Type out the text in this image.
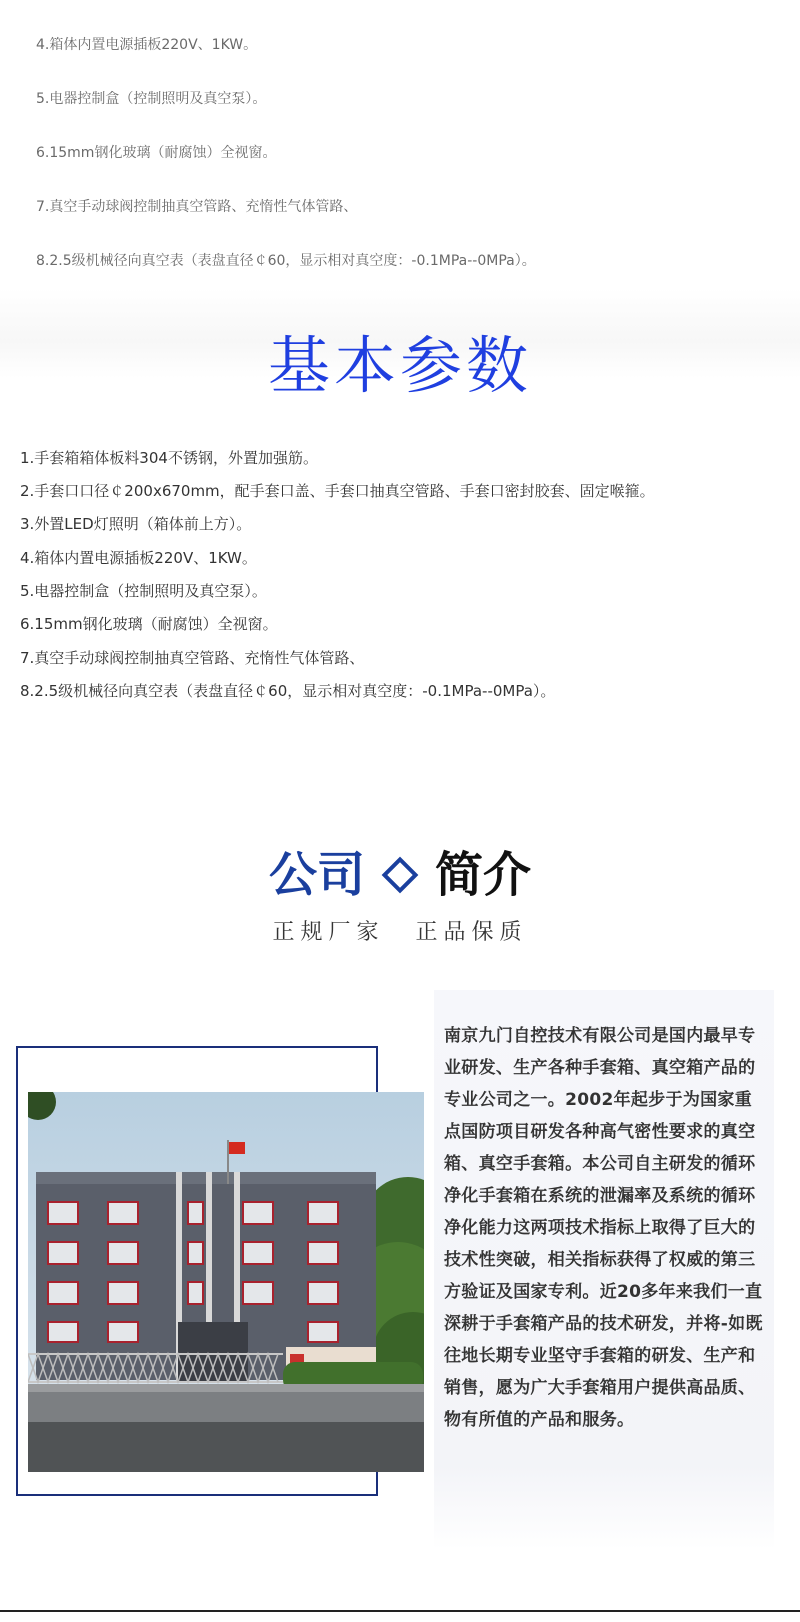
4.箱体内置电源插板220V、1KW。
5.电器控制盒（控制照明及真空泵）。
6.15mm钢化玻璃（耐腐蚀）全视窗。
7.真空手动球阀控制抽真空管路、充惰性气体管路、
8.2.5级机械径向真空表（表盘直径￠60，显示相对真空度：-0.1MPa--0MPa）。
基本参数
1.手套箱箱体板料304不锈钢，外置加强筋。
2.手套口口径￠200x670mm，配手套口盖、手套口抽真空管路、手套口密封胶套、固定喉箍。
3.外置LED灯照明（箱体前上方）。
4.箱体内置电源插板220V、1KW。
5.电器控制盒（控制照明及真空泵）。
6.15mm钢化玻璃（耐腐蚀）全视窗。
7.真空手动球阀控制抽真空管路、充惰性气体管路、
8.2.5级机械径向真空表（表盘直径￠60，显示相对真空度：-0.1MPa--0MPa）。
公司 简介
正规厂家 正品保质

南京九门自控技术有限公司是国内最早专业研发、生产各种手套箱、真空箱产品的专业公司之一。2002年起步于为国家重点国防项目研发各种高气密性要求的真空箱、真空手套箱。本公司自主研发的循环净化手套箱在系统的泄漏率及系统的循环净化能力这两项技术指标上取得了巨大的技术性突破，相关指标获得了权威的第三方验证及国家专利。近20多年来我们一直深耕于手套箱产品的技术研发，并将-如既往地长期专业坚守手套箱的研发、生产和销售，愿为广大手套箱用户提供高品质、物有所值的产品和服务。
